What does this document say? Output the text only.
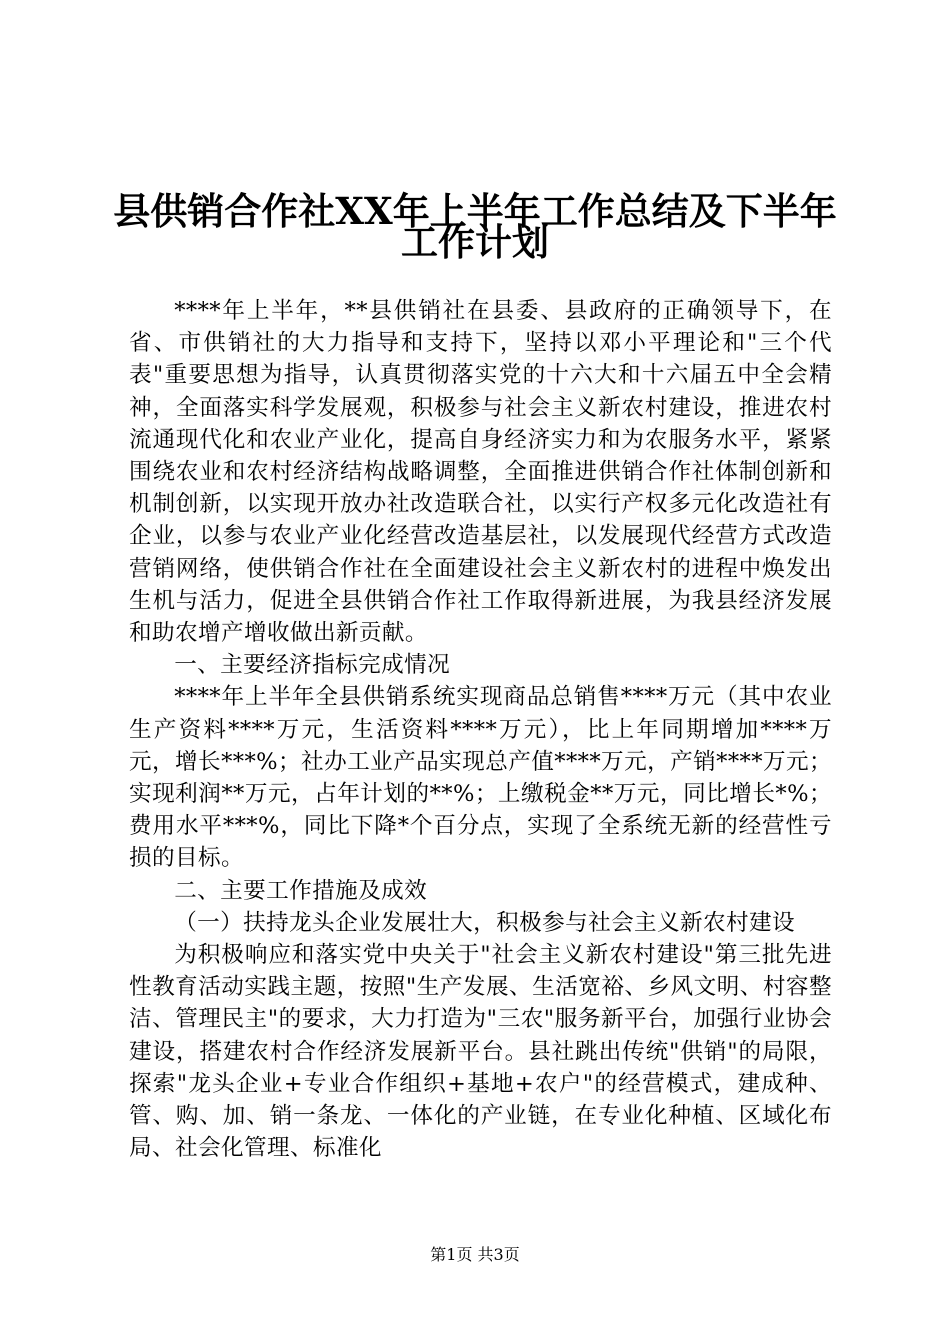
县供销合作社XX年上半年工作总结及下半年
工作计划

****年上半年，**县供销社在县委、县政府的正确领导下，在省、市供销社的大力指导和支持下，坚持以邓小平理论和"三个代表"重要思想为指导，认真贯彻落实党的十六大和十六届五中全会精神，全面落实科学发展观，积极参与社会主义新农村建设，推进农村流通现代化和农业产业化，提高自身经济实力和为农服务水平，紧紧围绕农业和农村经济结构战略调整，全面推进供销合作社体制创新和机制创新，以实现开放办社改造联合社，以实行产权多元化改造社有企业，以参与农业产业化经营改造基层社，以发展现代经营方式改造营销网络，使供销合作社在全面建设社会主义新农村的进程中焕发出生机与活力，促进全县供销合作社工作取得新进展，为我县经济发展和助农增产增收做出新贡献。

一、主要经济指标完成情况

****年上半年全县供销系统实现商品总销售****万元（其中农业生产资料****万元，生活资料****万元），比上年同期增加****万元，增长***%；社办工业产品实现总产值****万元，产销****万元；实现利润**万元，占年计划的**%；上缴税金**万元，同比增长*%；费用水平***%，同比下降*个百分点，实现了全系统无新的经营性亏损的目标。

二、主要工作措施及成效

（一）扶持龙头企业发展壮大，积极参与社会主义新农村建设

为积极响应和落实党中央关于"社会主义新农村建设"第三批先进性教育活动实践主题，按照"生产发展、生活宽裕、乡风文明、村容整洁、管理民主"的要求，大力打造为"三农"服务新平台，加强行业协会建设，搭建农村合作经济发展新平台。县社跳出传统"供销"的局限，探索"龙头企业+专业合作组织+基地+农户"的经营模式，建成种、管、购、加、销一条龙、一体化的产业链，在专业化种植、区域化布局、社会化管理、标准化

第1页 共3页
